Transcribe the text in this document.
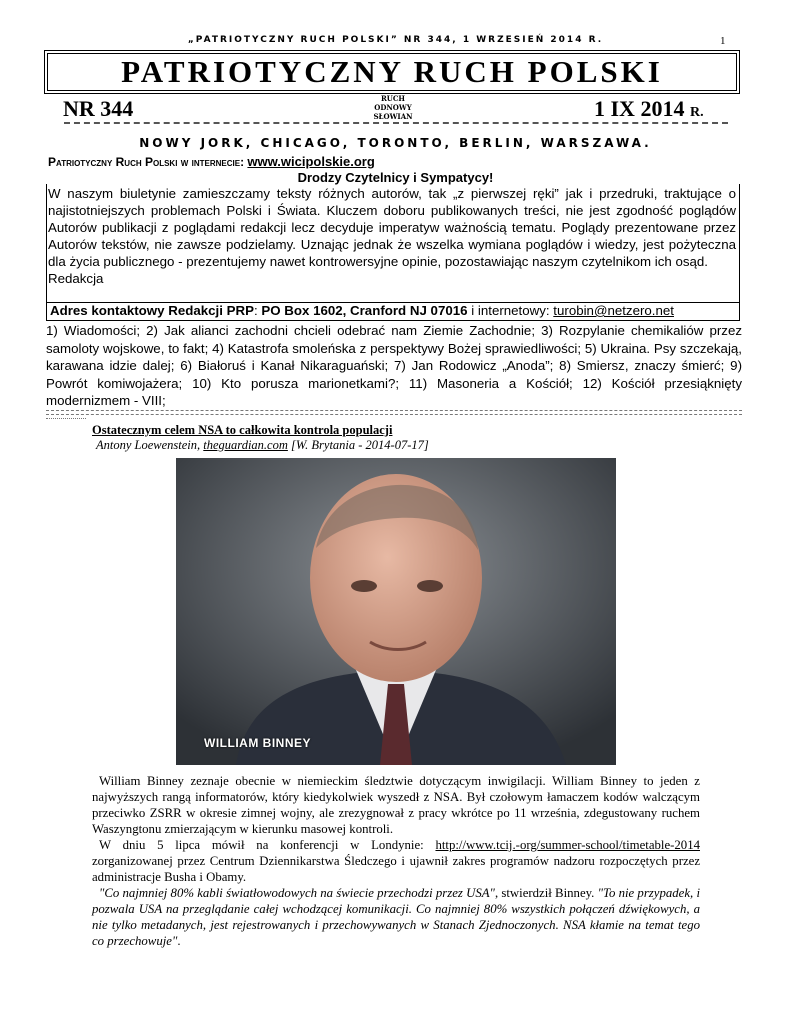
„PATRIOTYCZNY RUCH POLSKI” NR 344, 1 WRZESIEŃ 2014 R.	1
PATRIOTYCZNY RUCH POLSKI
NR 344	RUCH ODNOWY
SŁOWIAN	1 IX 2014 R.
NOWY JORK, CHICAGO, TORONTO, BERLIN, WARSZAWA.
Patriotyczny Ruch Polski w internecie: www.wicipolskie.org
Drodzy Czytelnicy i Sympatycy!
W naszym biuletynie zamieszczamy teksty różnych autorów, tak „z pierwszej ręki” jak i przedruki, traktujące o najistotniejszych problemach Polski i Świata. Kluczem doboru publikowanych treści, nie jest zgodność poglądów Autorów publikacji z poglądami redakcji lecz decyduje imperatyw ważnością tematu. Poglądy prezentowane przez Autorów tekstów, nie zawsze podzielamy. Uznając jednak że wszelka wymiana poglądów i wiedzy, jest pożyteczna dla życia publicznego - prezentujemy nawet kontrowersyjne opinie, pozostawiając naszym czytelnikom ich osąd.
Redakcja
Adres kontaktowy Redakcji PRP: PO Box 1602, Cranford NJ 07016 i internetowy: turobin@netzero.net
1) Wiadomości; 2) Jak alianci zachodni chcieli odebrać nam Ziemie Zachodnie; 3) Rozpylanie chemikaliów przez samoloty wojskowe, to fakt; 4) Katastrofa smoleńska z perspektywy Bożej sprawiedliwości; 5) Ukraina. Psy szczekają, karawana idzie dalej; 6) Białoruś i Kanał Nikaraguański; 7) Jan Rodowicz „Anoda”; 8) Smiersz, znaczy śmierć; 9) Powrót komiwojażera; 10) Kto porusza marionetkami?; 11) Masoneria a Kościół; 12) Kościół przesiąknięty modernizmem - VIII;
Ostatecznym celem NSA to całkowita kontrola populacji
Antony Loewenstein, theguardian.com [W. Brytania - 2014-07-17]
WILLIAM BINNEY

William Binney zeznaje obecnie w niemieckim śledztwie dotyczącym inwigilacji. William Binney to jeden z najwyższych rangą informatorów, który kiedykolwiek wyszedł z NSA. Był czołowym łamaczem kodów walczącym przeciwko ZSRR w okresie zimnej wojny, ale zrezygnował z pracy wkrótce po 11 września, zdegustowany ruchem Waszyngtonu zmierzającym w kierunku masowej kontroli.

W dniu 5 lipca mówił na konferencji w Londynie: http://www.tcij.-org/summer-school/timetable-2014 zorganizowanej przez Centrum Dziennikarstwa Śledczego i ujawnił zakres programów nadzoru rozpoczętych przez administracje Busha i Obamy.

"Co najmniej 80% kabli światłowodowych na świecie przechodzi przez USA", stwierdził Binney. "To nie przypadek, i pozwala USA na przeglądanie całej wchodzącej komunikacji. Co najmniej 80% wszystkich połączeń dźwiękowych, a nie tylko metadanych, jest rejestrowanych i przechowywanych w Stanach Zjednoczonych. NSA kłamie na temat tego co przechowuje".
